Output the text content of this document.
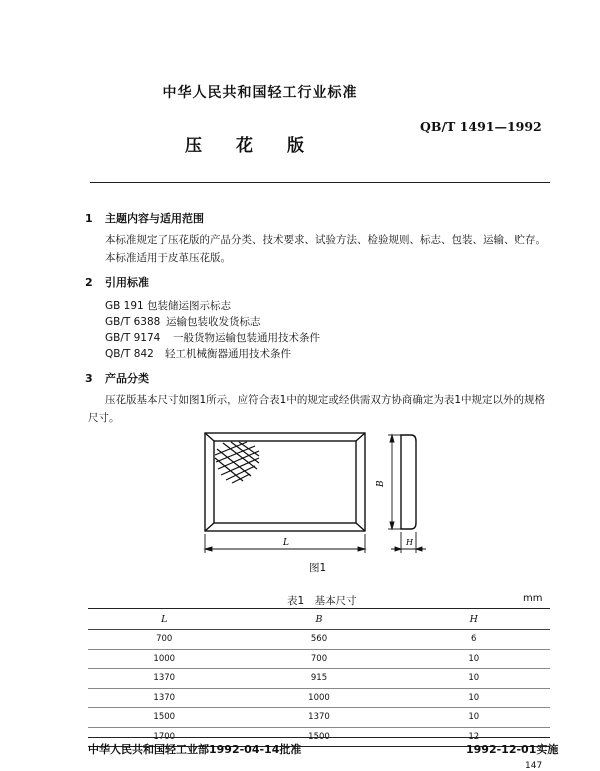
中华人民共和国轻工行业标准
QB/T 1491—1992
压 花 版
1 主题内容与适用范围
本标准规定了压花版的产品分类、技术要求、试验方法、检验规则、标志、包装、运输、贮存。
本标准适用于皮革压花版。
2 引用标准
GB 191 包装储运图示标志
GB/T 6388 运输包装收发货标志
GB/T 9174 一般货物运输包装通用技术条件
QB/T 842 轻工机械衡器通用技术条件
3 产品分类
压花版基本尺寸如图1所示，应符合表1中的规定或经供需双方协商确定为表1中规定以外的规格
尺寸。
L
B
H
图1
表1　基本尺寸	mm
L	B	H
700	560	6
1000	700	10
1370	915	10
1370	1000	10
1500	1370	10
1700	1500	12
中华人民共和国轻工业部1992-04-14批准	1992-12-01实施
147
